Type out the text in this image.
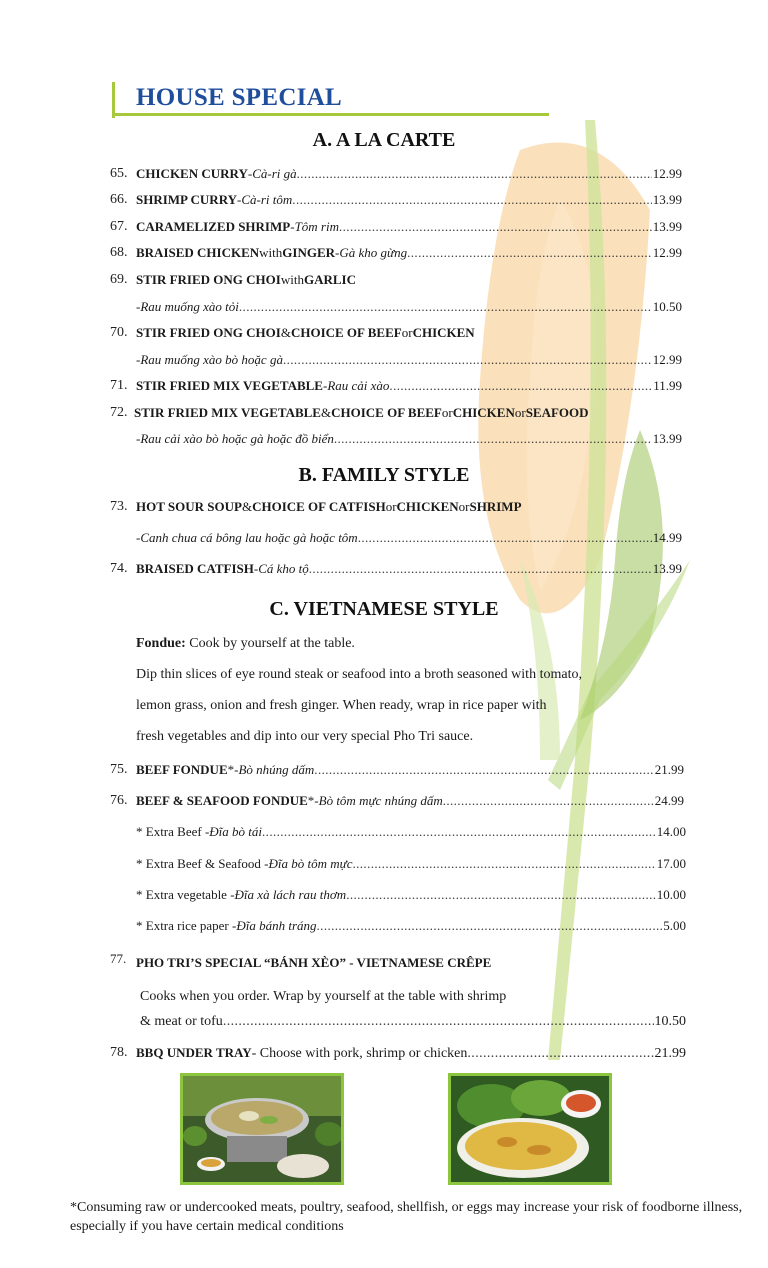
HOUSE SPECIAL
A. A LA CARTE
65. CHICKEN CURRY - Cà-ri gà .....	12.99
66. SHRIMP CURRY - Cà-ri tôm .....	13.99
67. CARAMELIZED SHRIMP - Tôm rim .....	13.99
68. BRAISED CHICKEN with GINGER - Gà kho gừng .....	12.99
69. STIR FRIED ONG CHOI with GARLIC
-Rau muống xào tỏi .....	10.50
70. STIR FRIED ONG CHOI & CHOICE OF BEEF or CHICKEN
-Rau muống xào bò hoặc gà .....	12.99
71. STIR FRIED MIX VEGETABLE - Rau cải xào .....	11.99
72. STIR FRIED MIX VEGETABLE & CHOICE OF BEEF or CHICKEN or SEAFOOD
-Rau cải xào bò hoặc gà hoặc đồ biển .....	13.99
B. FAMILY STYLE
73. HOT SOUR SOUP & CHOICE OF CATFISH or CHICKEN or SHRIMP
-Canh chua cá bông lau hoặc gà hoặc tôm .....	14.99
74. BRAISED CATFISH - Cá kho tộ .....	13.99
C. VIETNAMESE STYLE
Fondue: Cook by yourself at the table.
Dip thin slices of eye round steak or seafood into a broth seasoned with tomato,
lemon grass, onion and fresh ginger. When ready, wrap in rice paper with
fresh vegetables and dip into our very special Pho Tri sauce.
75. BEEF FONDUE * - Bò nhúng dấm .....	21.99
76. BEEF & SEAFOOD FONDUE * - Bò tôm mực nhúng dấm .....	24.99
* Extra Beef - Đĩa bò tái .....	14.00
* Extra Beef & Seafood - Đĩa bò tôm mực .....	17.00
* Extra vegetable - Đĩa xà lách rau thơm .....	10.00
* Extra rice paper - Đĩa bánh tráng .....	5.00
77. PHO TRI’S SPECIAL “BÁNH XÈO” - VIETNAMESE CRÊPE
Cooks when you order. Wrap by yourself at the table with shrimp
& meat or tofu .....	10.50
78. BBQ UNDER TRAY - Choose with pork, shrimp or chicken .....	21.99
*Consuming raw or undercooked meats, poultry, seafood, shellfish, or eggs may increase your risk of foodborne illness, especially if you have certain medical conditions
